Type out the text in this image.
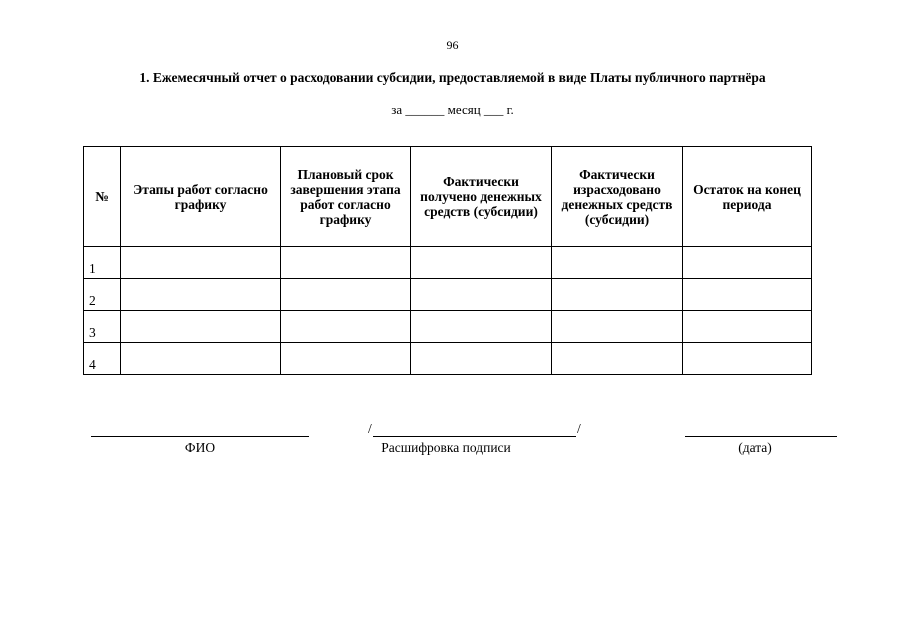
96
1. Ежемесячный отчет о расходовании субсидии, предоставляемой в виде Платы публичного партнёра
за ______ месяц ___ г.
№	Этапы работ согласно графику	Плановый срок завершения этапа работ согласно графику	Фактически получено денежных средств (субсидии)	Фактически израсходовано денежных средств (субсидии)	Остаток на конец периода
1					
2					
3					
4					
ФИО
/	/
Расшифровка подписи	(дата)
